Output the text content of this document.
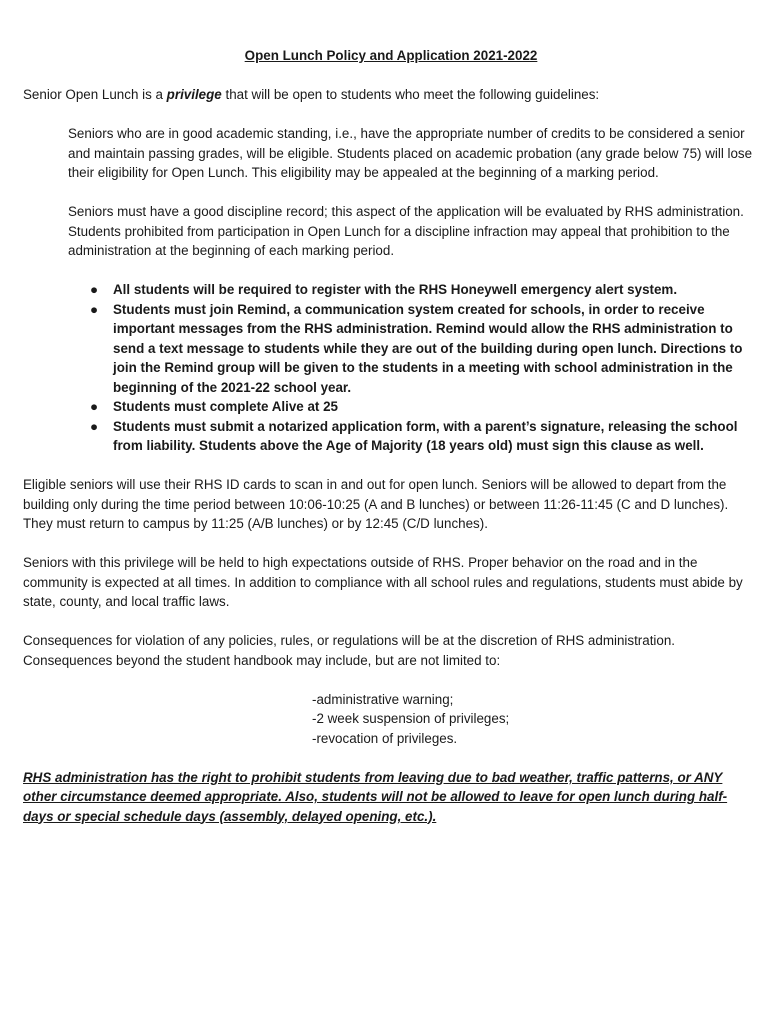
Open Lunch Policy and Application 2021-2022

Senior Open Lunch is a privilege that will be open to students who meet the following guidelines:

Seniors who are in good academic standing, i.e., have the appropriate number of credits to be considered a senior and maintain passing grades, will be eligible. Students placed on academic probation (any grade below 75) will lose their eligibility for Open Lunch. This eligibility may be appealed at the beginning of a marking period.

Seniors must have a good discipline record; this aspect of the application will be evaluated by RHS administration. Students prohibited from participation in Open Lunch for a discipline infraction may appeal that prohibition to the administration at the beginning of each marking period.

● All students will be required to register with the RHS Honeywell emergency alert system.
● Students must join Remind, a communication system created for schools, in order to receive important messages from the RHS administration. Remind would allow the RHS administration to send a text message to students while they are out of the building during open lunch. Directions to join the Remind group will be given to the students in a meeting with school administration in the beginning of the 2021-22 school year.
● Students must complete Alive at 25
● Students must submit a notarized application form, with a parent’s signature, releasing the school from liability. Students above the Age of Majority (18 years old) must sign this clause as well.

Eligible seniors will use their RHS ID cards to scan in and out for open lunch. Seniors will be allowed to depart from the building only during the time period between 10:06-10:25 (A and B lunches) or between 11:26-11:45 (C and D lunches). They must return to campus by 11:25 (A/B lunches) or by 12:45 (C/D lunches).

Seniors with this privilege will be held to high expectations outside of RHS. Proper behavior on the road and in the community is expected at all times. In addition to compliance with all school rules and regulations, students must abide by state, county, and local traffic laws.

Consequences for violation of any policies, rules, or regulations will be at the discretion of RHS administration. Consequences beyond the student handbook may include, but are not limited to:

-administrative warning;

-2 week suspension of privileges;

-revocation of privileges.

RHS administration has the right to prohibit students from leaving due to bad weather, traffic patterns, or ANY other circumstance deemed appropriate. Also, students will not be allowed to leave for open lunch during half-days or special schedule days (assembly, delayed opening, etc.).
